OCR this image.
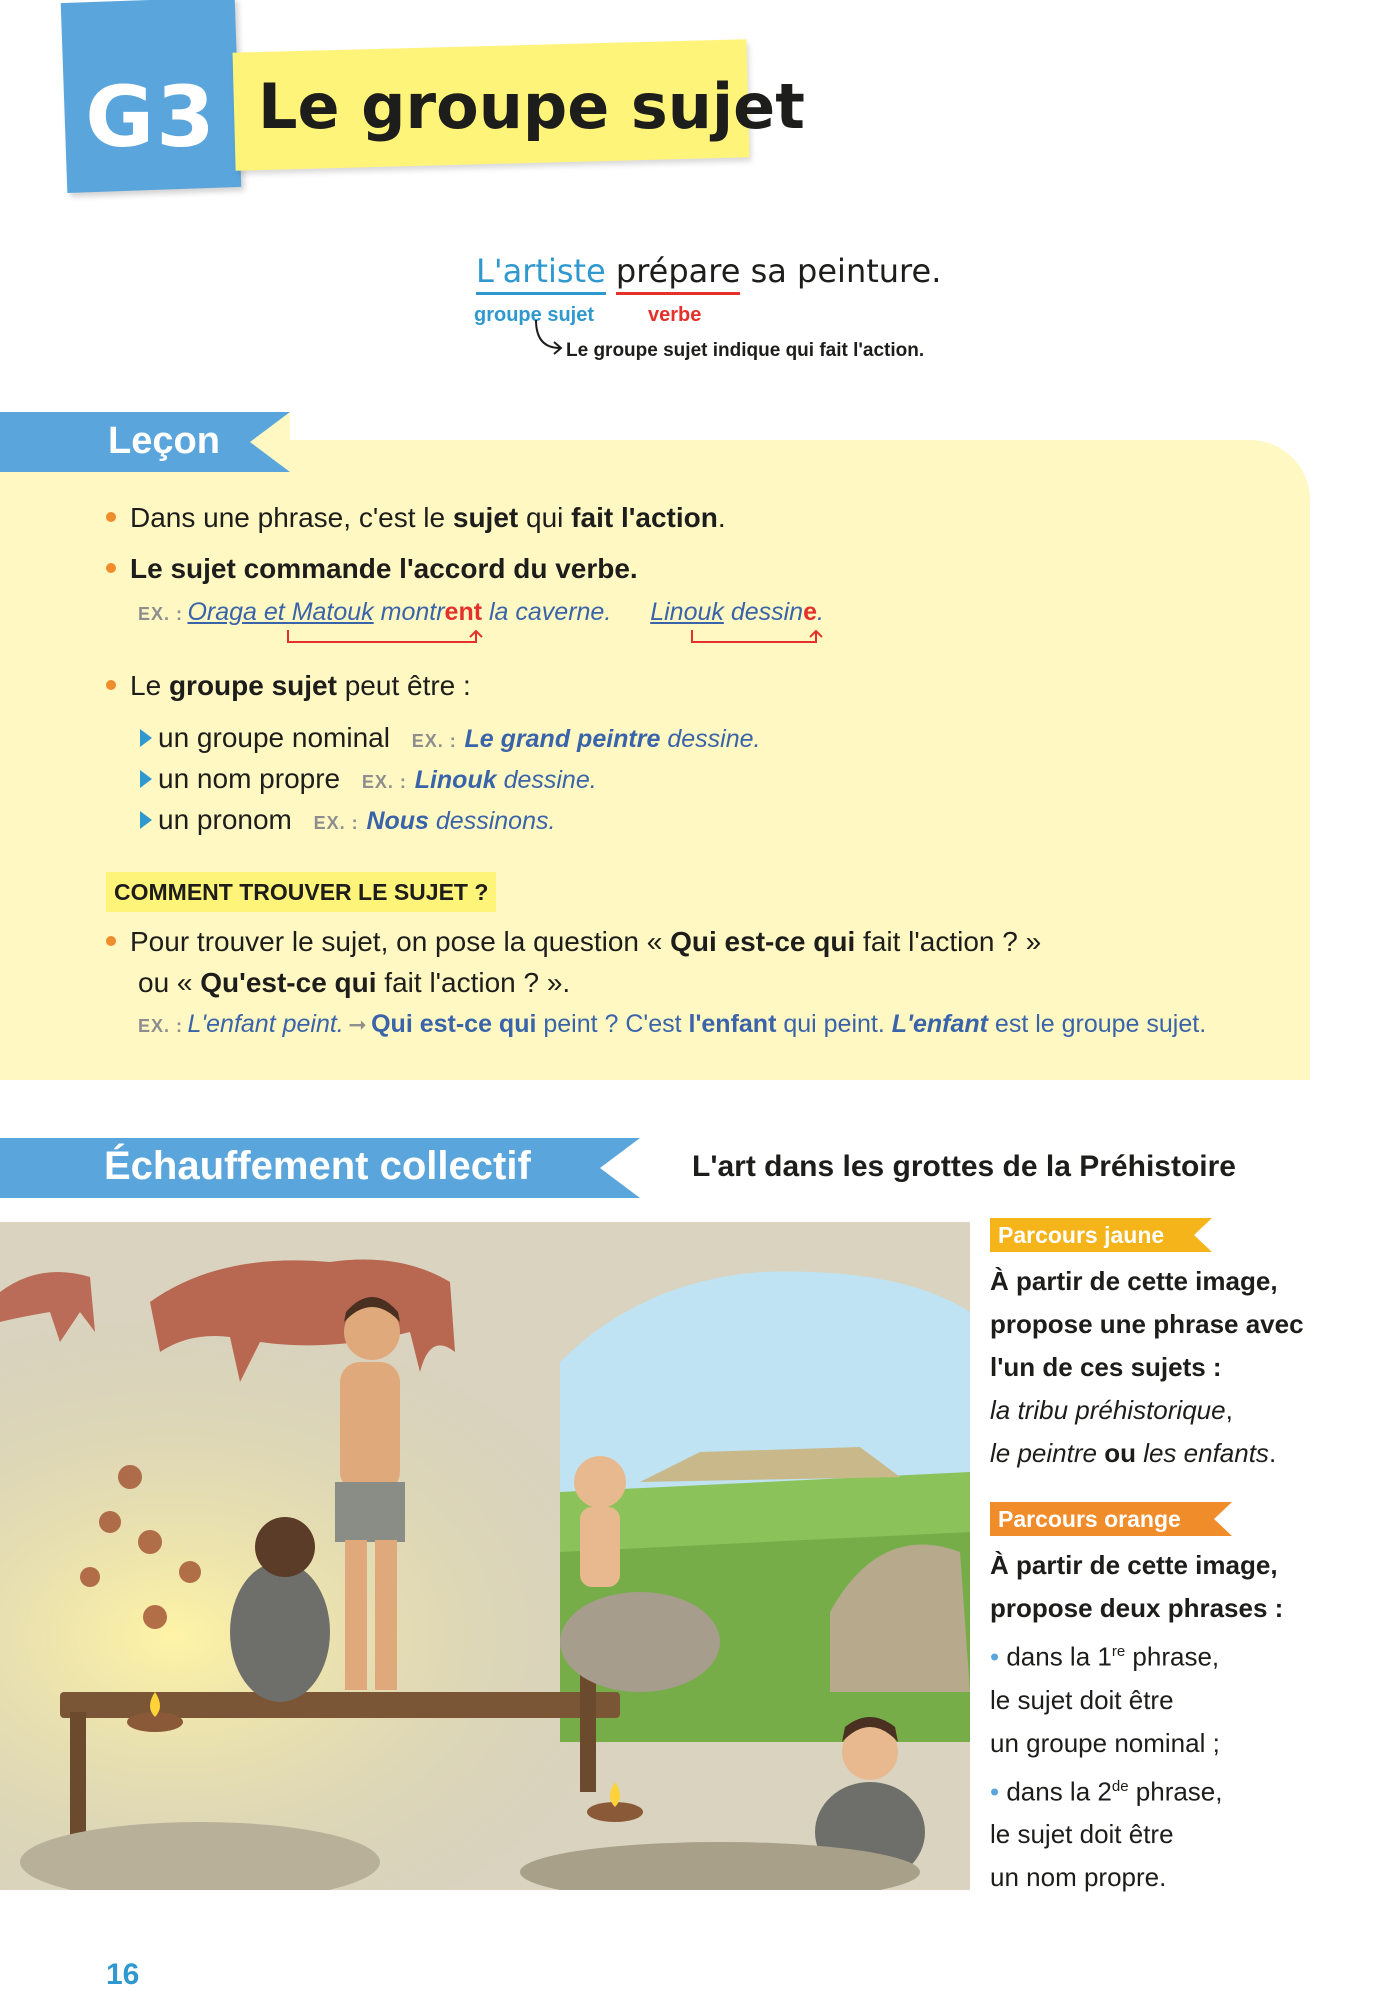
G3 Le groupe sujet
L'artiste prépare sa peinture.
groupe sujet	verbe
Le groupe sujet indique qui fait l'action.
Leçon
Dans une phrase, c'est le sujet qui fait l'action.
Le sujet commande l'accord du verbe.
EX. : Oraga et Matouk montrent la caverne. Linouk dessine.
Le groupe sujet peut être :
un groupe nominal EX. : Le grand peintre dessine.
un nom propre EX. : Linouk dessine.
un pronom EX. : Nous dessinons.
COMMENT TROUVER LE SUJET ?
Pour trouver le sujet, on pose la question « Qui est-ce qui fait l'action ? »
ou « Qu'est-ce qui fait l'action ? ».
EX. : L'enfant peint. ➞ Qui est-ce qui peint ? C'est l'enfant qui peint. L'enfant est le groupe sujet.
Échauffement collectif	L'art dans les grottes de la Préhistoire
Parcours jaune
À partir de cette image,
propose une phrase avec
l'un de ces sujets :
la tribu préhistorique,
le peintre ou les enfants.
Parcours orange
À partir de cette image,
propose deux phrases :
• dans la 1re phrase,
le sujet doit être
un groupe nominal ;
• dans la 2de phrase,
le sujet doit être
un nom propre.
16
